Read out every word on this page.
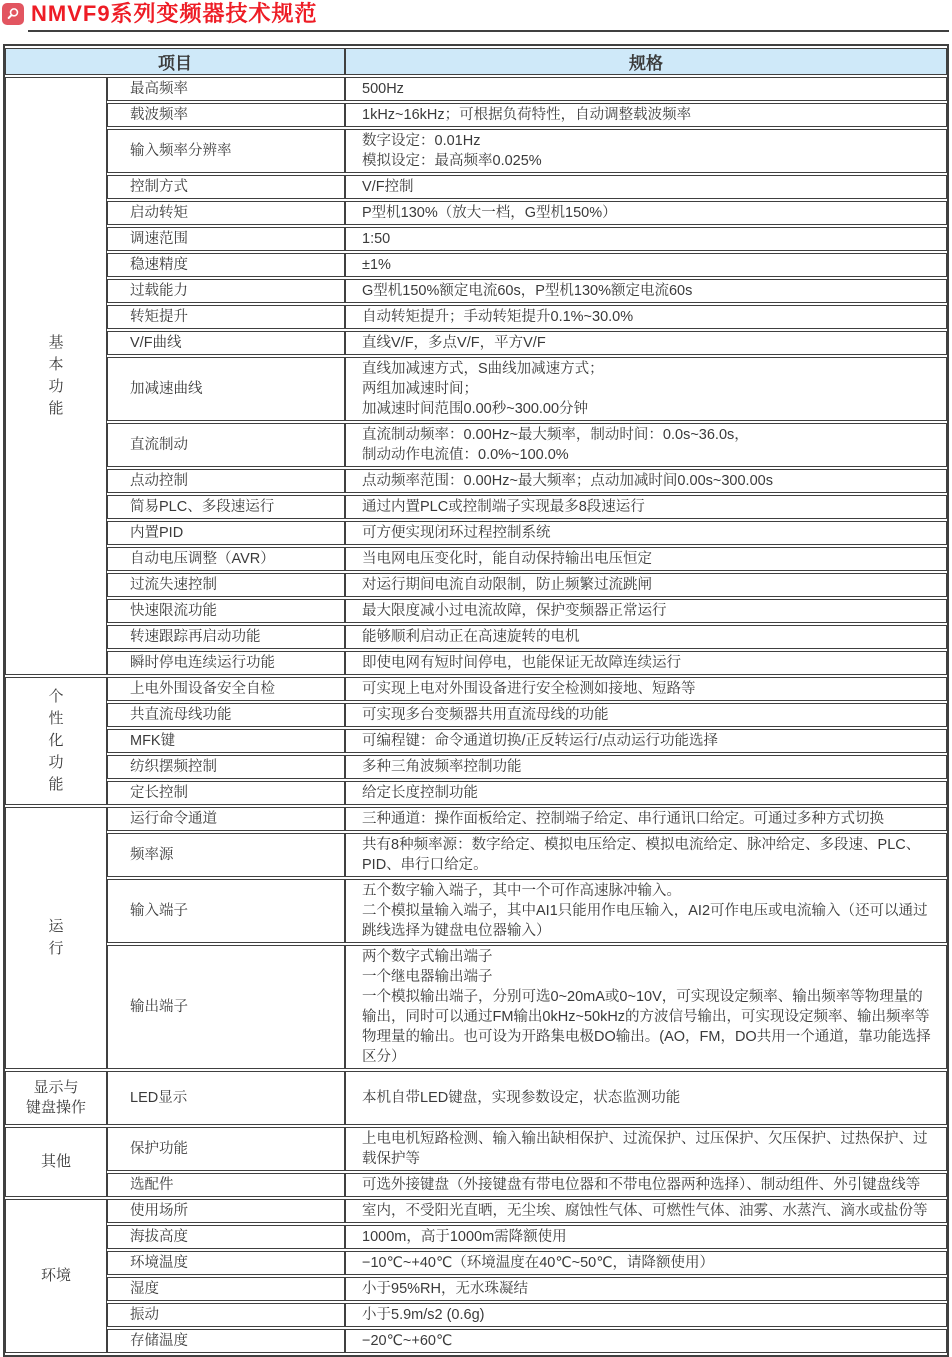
NMVF9系列变频器技术规范
项目		规格
基
本
功
能	最高频率	500Hz
	载波频率	1kHz~16kHz；可根据负荷特性，自动调整载波频率
	输入频率分辨率	数字设定：0.01Hz
模拟设定：最高频率0.025%
	控制方式	V/F控制
	启动转矩	P型机130%（放大一档，G型机150%）
	调速范围	1:50
	稳速精度	±1%
	过载能力	G型机150%额定电流60s，P型机130%额定电流60s
	转矩提升	自动转矩提升；手动转矩提升0.1%~30.0%
	V/F曲线	直线V/F，多点V/F，平方V/F
	加减速曲线	直线加减速方式，S曲线加减速方式；
两组加减速时间；
加减速时间范围0.00秒~300.00分钟
	直流制动	直流制动频率：0.00Hz~最大频率，制动时间：0.0s~36.0s，
制动动作电流值：0.0%~100.0%
	点动控制	点动频率范围：0.00Hz~最大频率；点动加减时间0.00s~300.00s
	简易PLC、多段速运行	通过内置PLC或控制端子实现最多8段速运行
	内置PID	可方便实现闭环过程控制系统
	自动电压调整（AVR）	当电网电压变化时，能自动保持输出电压恒定
	过流失速控制	对运行期间电流自动限制，防止频繁过流跳闸
	快速限流功能	最大限度减小过电流故障，保护变频器正常运行
	转速跟踪再启动功能	能够顺利启动正在高速旋转的电机
	瞬时停电连续运行功能	即使电网有短时间停电，也能保证无故障连续运行
个
性
化
功
能	上电外围设备安全自检	可实现上电对外围设备进行安全检测如接地、短路等
	共直流母线功能	可实现多台变频器共用直流母线的功能
	MFK键	可编程键：命令通道切换/正反转运行/点动运行功能选择
	纺织摆频控制	多种三角波频率控制功能
	定长控制	给定长度控制功能
运
行	运行命令通道	三种通道：操作面板给定、控制端子给定、串行通讯口给定。可通过多种方式切换
	频率源	共有8种频率源：数字给定、模拟电压给定、模拟电流给定、脉冲给定、多段速、PLC、PID、串行口给定。
	输入端子	五个数字输入端子，其中一个可作高速脉冲输入。
二个模拟量输入端子，其中AI1只能用作电压输入，AI2可作电压或电流输入（还可以通过跳线选择为键盘电位器输入）
	输出端子	两个数字式输出端子
一个继电器输出端子
一个模拟输出端子，分别可选0~20mA或0~10V，可实现设定频率、输出频率等物理量的输出，同时可以通过FM输出0kHz~50kHz的方波信号输出，可实现设定频率、输出频率等物理量的输出。也可设为开路集电极DO输出。(AO，FM，DO共用一个通道，靠功能选择区分）
显示与
键盘操作	LED显示	本机自带LED键盘，实现参数设定，状态监测功能
其他	保护功能	上电电机短路检测、输入输出缺相保护、过流保护、过压保护、欠压保护、过热保护、过载保护等
	选配件	可选外接键盘（外接键盘有带电位器和不带电位器两种选择）、制动组件、外引键盘线等
环境	使用场所	室内，不受阳光直晒，无尘埃、腐蚀性气体、可燃性气体、油雾、水蒸汽、滴水或盐份等
	海拔高度	1000m，高于1000m需降额使用
	环境温度	−10℃~+40℃（环境温度在40℃~50℃，请降额使用）
	湿度	小于95%RH，无水珠凝结
	振动	小于5.9m/s2 (0.6g)
	存储温度	−20℃~+60℃
